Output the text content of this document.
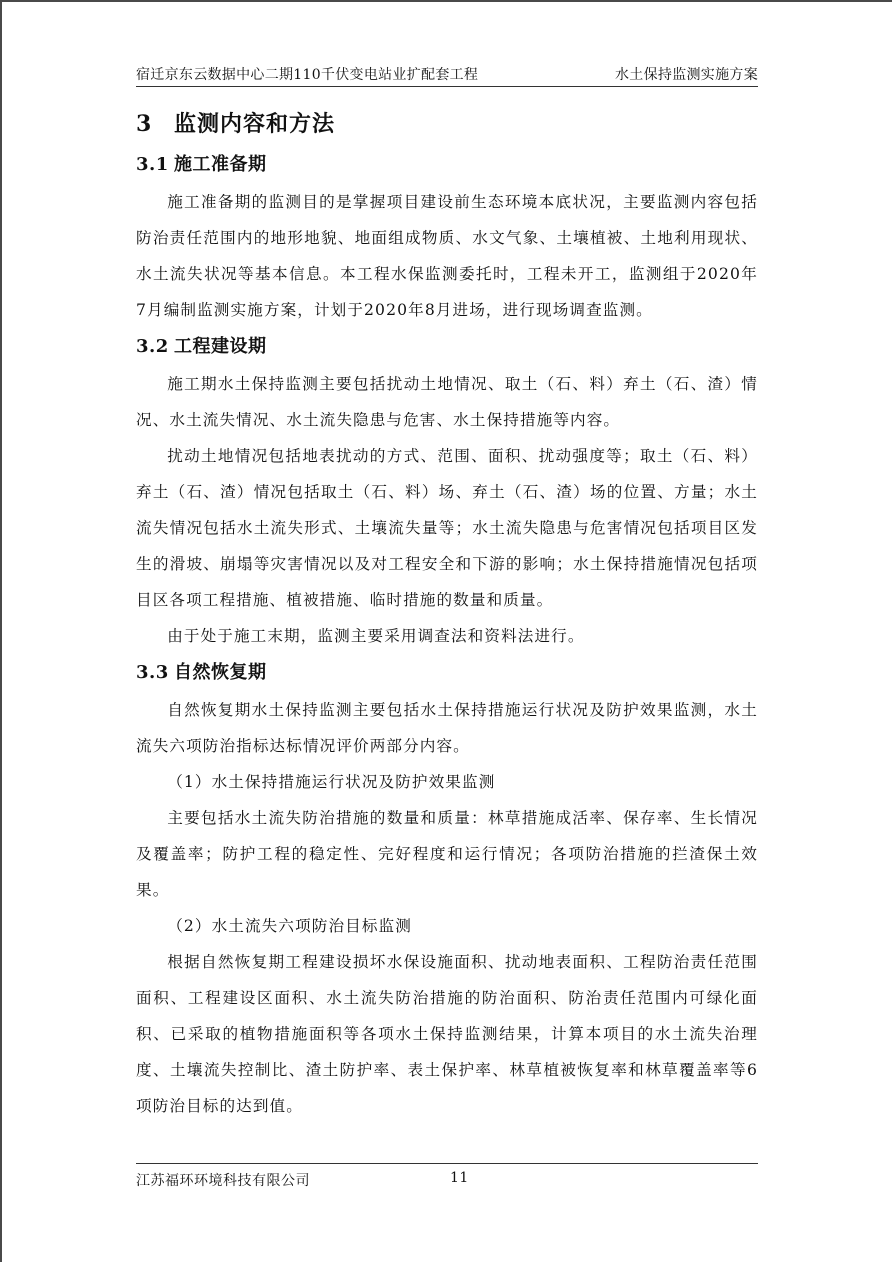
宿迁京东云数据中心二期110千伏变电站业扩配套工程	水土保持监测实施方案
3 监测内容和方法
3.1 施工准备期

施工准备期的监测目的是掌握项目建设前生态环境本底状况，主要监测内容包括防治责任范围内的地形地貌、地面组成物质、水文气象、土壤植被、土地利用现状、水土流失状况等基本信息。本工程水保监测委托时，工程未开工，监测组于2020年7月编制监测实施方案，计划于2020年8月进场，进行现场调查监测。

3.2 工程建设期

施工期水土保持监测主要包括扰动土地情况、取土（石、料）弃土（石、渣）情况、水土流失情况、水土流失隐患与危害、水土保持措施等内容。

扰动土地情况包括地表扰动的方式、范围、面积、扰动强度等；取土（石、料）弃土（石、渣）情况包括取土（石、料）场、弃土（石、渣）场的位置、方量；水土流失情况包括水土流失形式、土壤流失量等；水土流失隐患与危害情况包括项目区发生的滑坡、崩塌等灾害情况以及对工程安全和下游的影响；水土保持措施情况包括项目区各项工程措施、植被措施、临时措施的数量和质量。

由于处于施工末期，监测主要采用调查法和资料法进行。

3.3 自然恢复期

自然恢复期水土保持监测主要包括水土保持措施运行状况及防护效果监测，水土流失六项防治指标达标情况评价两部分内容。

（1）水土保持措施运行状况及防护效果监测

主要包括水土流失防治措施的数量和质量：林草措施成活率、保存率、生长情况及覆盖率；防护工程的稳定性、完好程度和运行情况；各项防治措施的拦渣保土效果。

（2）水土流失六项防治目标监测

根据自然恢复期工程建设损坏水保设施面积、扰动地表面积、工程防治责任范围面积、工程建设区面积、水土流失防治措施的防治面积、防治责任范围内可绿化面积、已采取的植物措施面积等各项水土保持监测结果，计算本项目的水土流失治理度、土壤流失控制比、渣土防护率、表土保护率、林草植被恢复率和林草覆盖率等6项防治目标的达到值。

江苏福环环境科技有限公司	11
